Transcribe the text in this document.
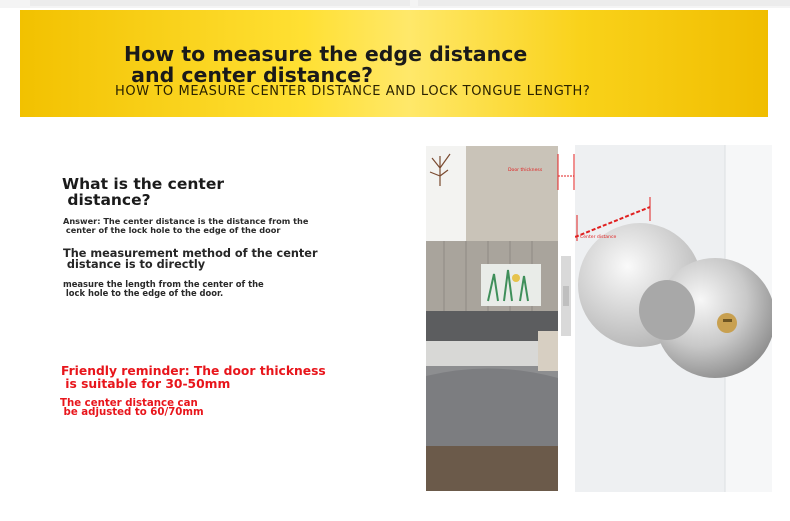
How to measure the edge distance
and center distance?
HOW TO MEASURE CENTER DISTANCE AND LOCK TONGUE LENGTH?
What is the center
distance?
Answer: The center distance is the distance from the
center of the lock hole to the edge of the door
The measurement method of the center
distance is to directly
measure the length from the center of the
lock hole to the edge of the door.
Friendly reminder: The door thickness
is suitable for 30-50mm
The center distance can
be adjusted to 60/70mm
Door thickness
Center distance
